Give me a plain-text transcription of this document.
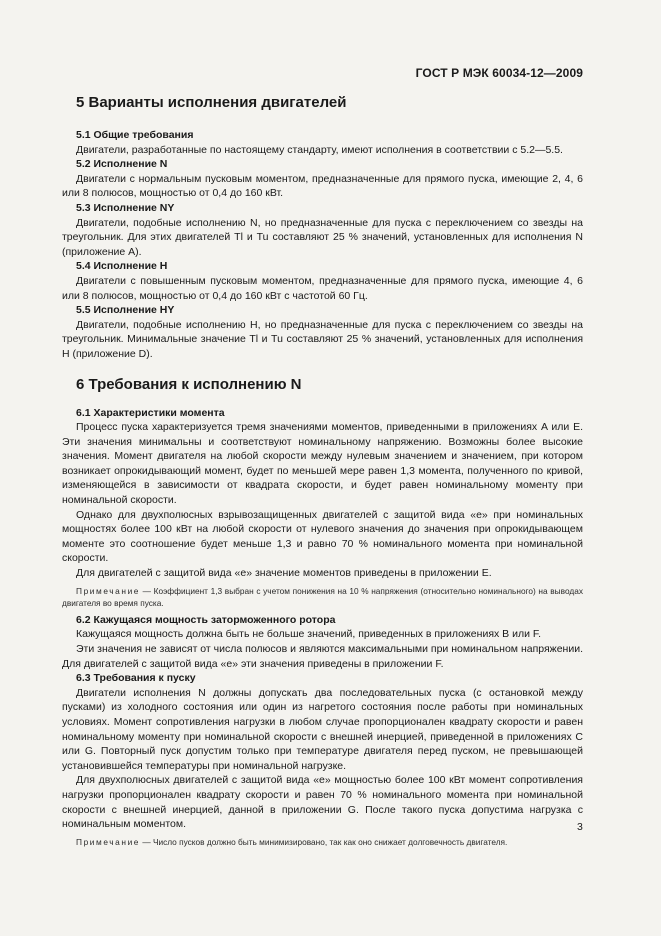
ГОСТ Р МЭК 60034-12—2009
5 Варианты исполнения двигателей
5.1 Общие требования

Двигатели, разработанные по настоящему стандарту, имеют исполнения в соответствии с 5.2—5.5.

5.2 Исполнение N

Двигатели с нормальным пусковым моментом, предназначенные для прямого пуска, имеющие 2, 4, 6 или 8 полюсов, мощностью от 0,4 до 160 кВт.

5.3 Исполнение NY

Двигатели, подобные исполнению N, но предназначенные для пуска с переключением со звезды на треугольник. Для этих двигателей Tl и Tu составляют 25 % значений, установленных для исполнения N (приложение A).

5.4 Исполнение H

Двигатели с повышенным пусковым моментом, предназначенные для прямого пуска, имеющие 4, 6 или 8 полюсов, мощностью от 0,4 до 160 кВт с частотой 60 Гц.

5.5 Исполнение HY

Двигатели, подобные исполнению H, но предназначенные для пуска с переключением со звезды на треугольник. Минимальные значение Tl и Tu составляют 25 % значений, установленных для исполнения H (приложение D).

6 Требования к исполнению N
6.1 Характеристики момента

Процесс пуска характеризуется тремя значениями моментов, приведенными в приложениях A или E. Эти значения минимальны и соответствуют номинальному напряжению. Возможны более высокие значения. Момент двигателя на любой скорости между нулевым значением и значением, при котором возникает опрокидывающий момент, будет по меньшей мере равен 1,3 момента, полученного по кривой, изменяющейся в зависимости от квадрата скорости, и будет равен номинальному моменту при номинальной скорости.

Однако для двухполюсных взрывозащищенных двигателей с защитой вида «е» при номинальных мощностях более 100 кВт на любой скорости от нулевого значения до значения при опрокидывающем моменте это соотношение будет меньше 1,3 и равно 70 % номинального момента при номинальной скорости.

Для двигателей с защитой вида «е» значение моментов приведены в приложении E.

Примечание — Коэффициент 1,3 выбран с учетом понижения на 10 % напряжения (относительно номинального) на выводах двигателя во время пуска.

6.2 Кажущаяся мощность заторможенного ротора

Кажущаяся мощность должна быть не больше значений, приведенных в приложениях B или F.

Эти значения не зависят от числа полюсов и являются максимальными при номинальном напряжении. Для двигателей с защитой вида «е» эти значения приведены в приложении F.

6.3 Требования к пуску

Двигатели исполнения N должны допускать два последовательных пуска (с остановкой между пусками) из холодного состояния или один из нагретого состояния после работы при номинальных условиях. Момент сопротивления нагрузки в любом случае пропорционален квадрату скорости и равен номинальному моменту при номинальной скорости с внешней инерцией, приведенной в приложениях C или G. Повторный пуск допустим только при температуре двигателя перед пуском, не превышающей установившейся температуры при номинальной нагрузке.

Для двухполюсных двигателей с защитой вида «е» мощностью более 100 кВт момент сопротивления нагрузки пропорционален квадрату скорости и равен 70 % номинального момента при номинальной скорости с внешней инерцией, данной в приложении G. После такого пуска допустима нагрузка с номинальным моментом.

Примечание — Число пусков должно быть минимизировано, так как оно снижает долговечность двигателя.

3
